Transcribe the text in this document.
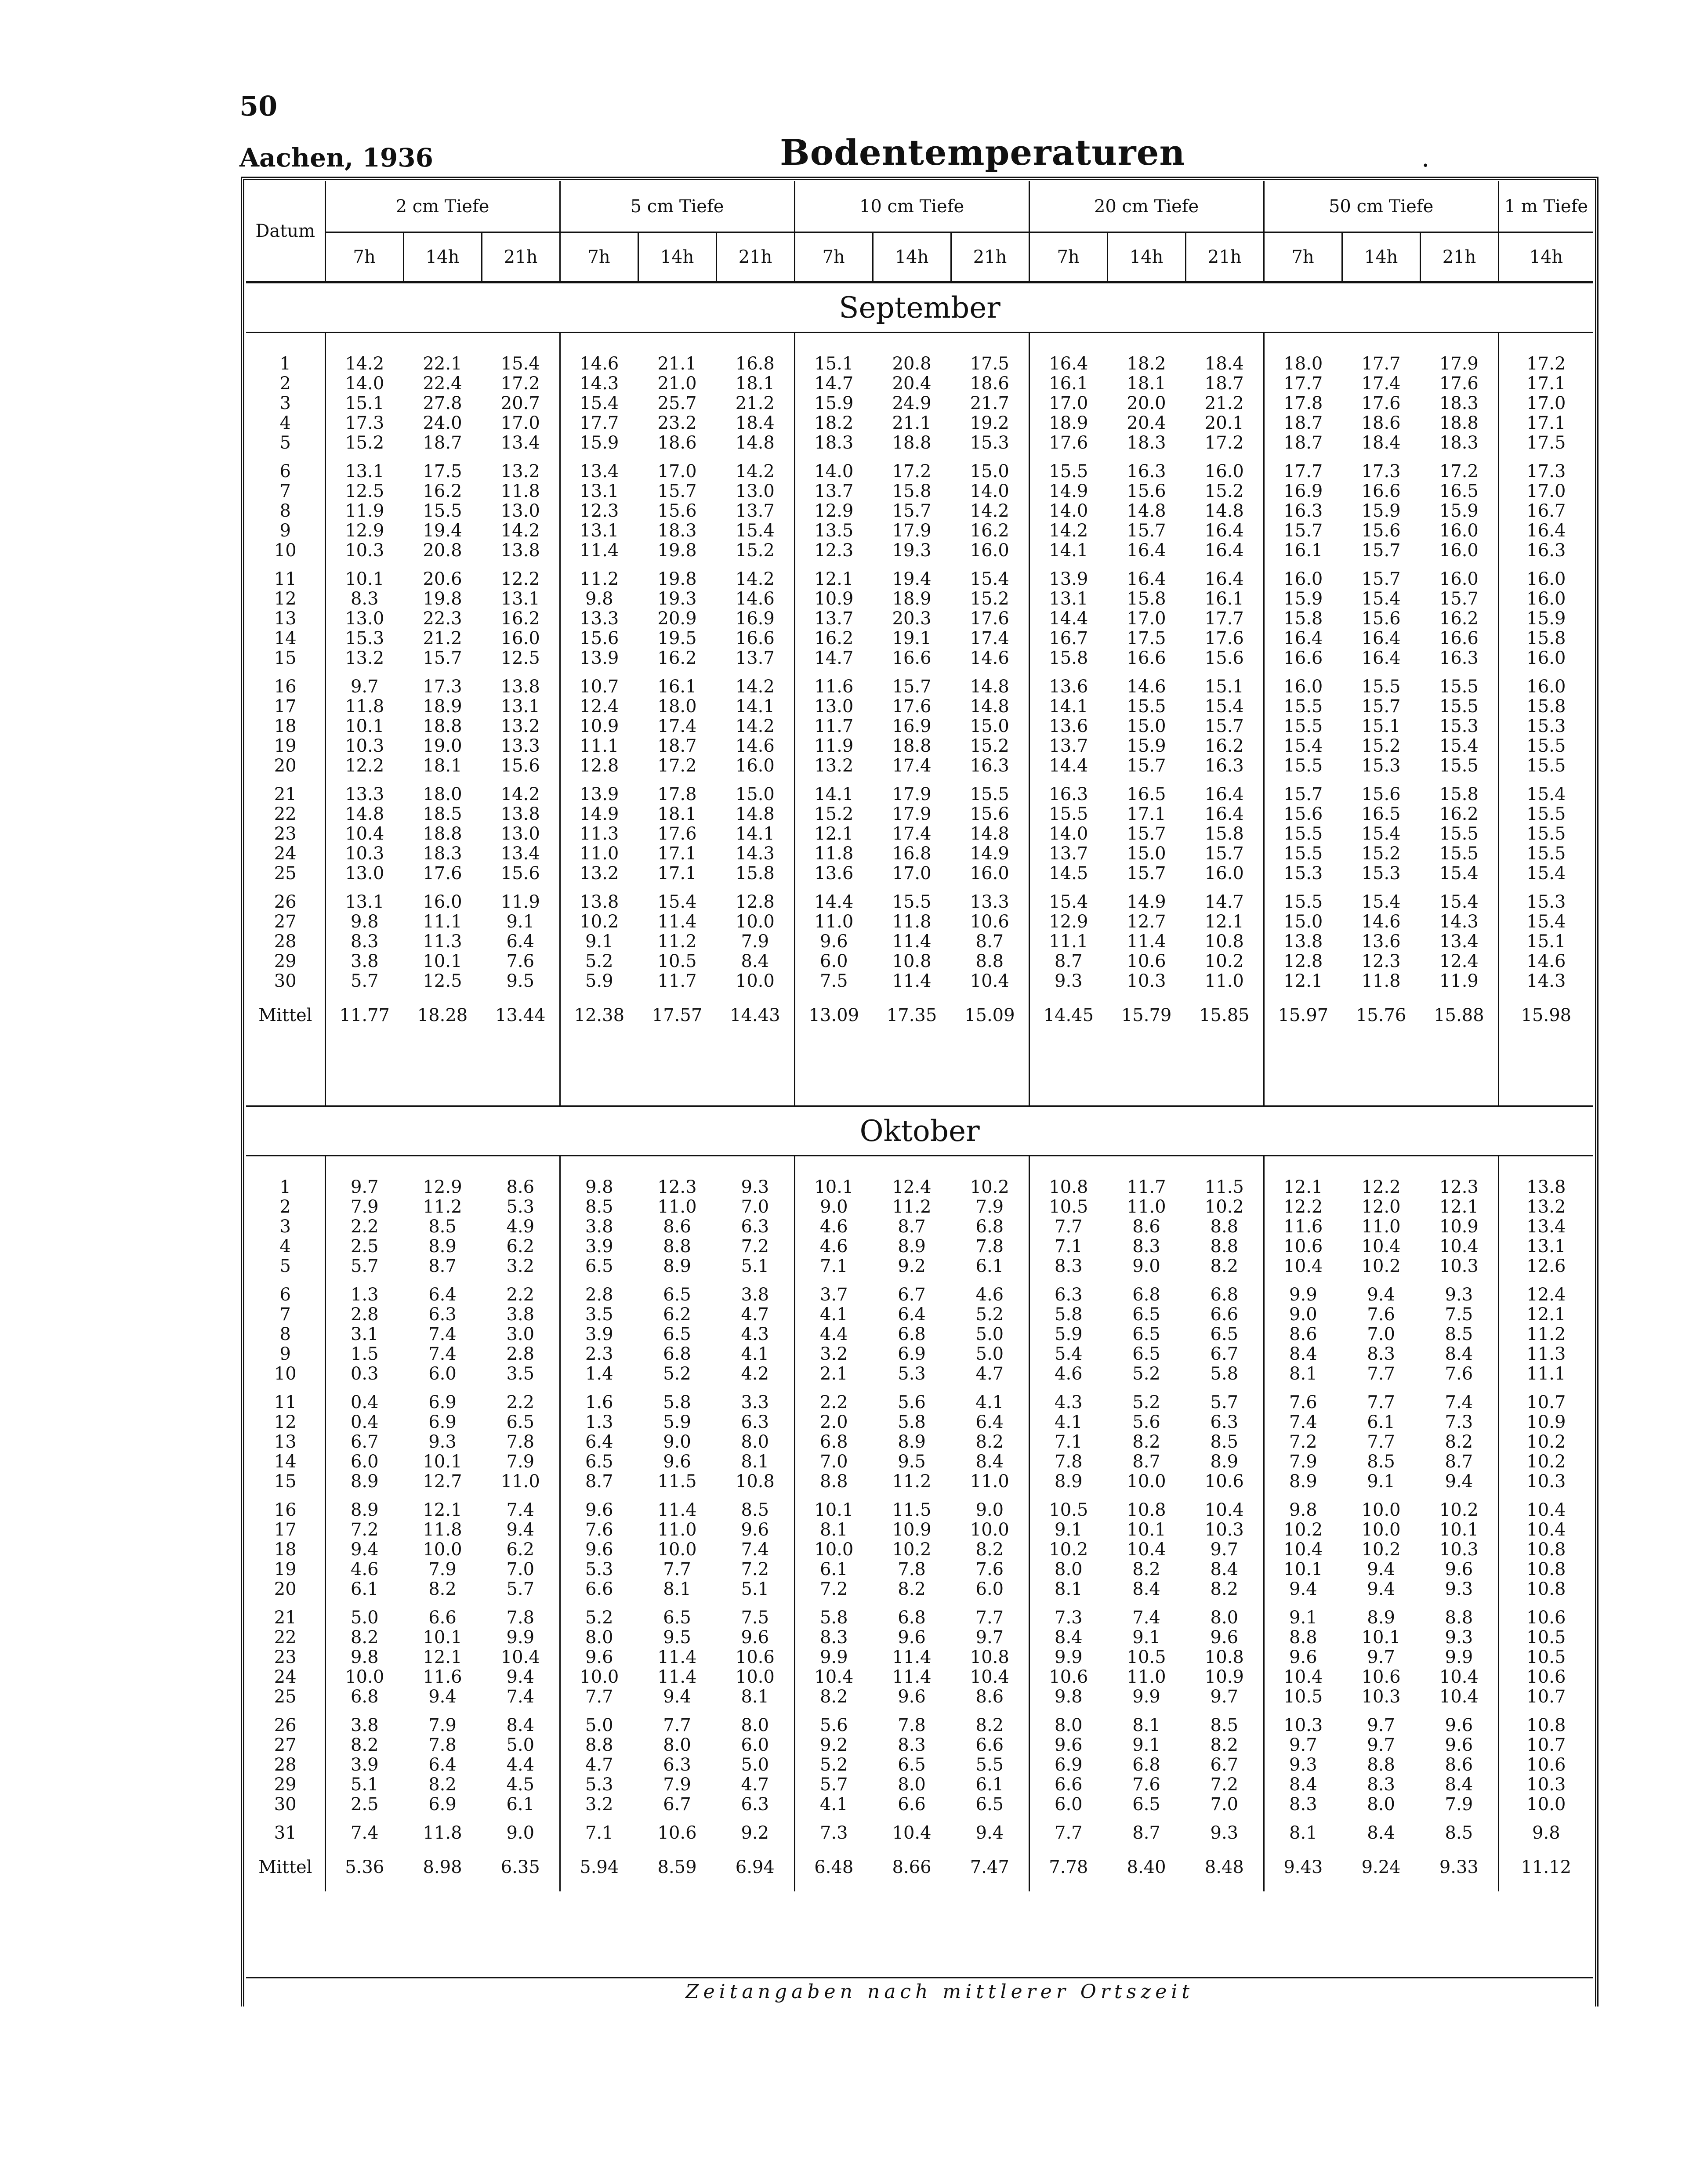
50
Aachen, 1936	Bodentemperaturen	.
Datum	2 cm Tiefe			5 cm Tiefe			10 cm Tiefe			20 cm Tiefe			50 cm Tiefe			1 m Tiefe
	7h	14h	21h	7h	14h	21h	7h	14h	21h	7h	14h	21h	7h	14h	21h	14h
September																

1	14.2	22.1	15.4	14.6	21.1	16.8	15.1	20.8	17.5	16.4	18.2	18.4	18.0	17.7	17.9	17.2
2	14.0	22.4	17.2	14.3	21.0	18.1	14.7	20.4	18.6	16.1	18.1	18.7	17.7	17.4	17.6	17.1
3	15.1	27.8	20.7	15.4	25.7	21.2	15.9	24.9	21.7	17.0	20.0	21.2	17.8	17.6	18.3	17.0
4	17.3	24.0	17.0	17.7	23.2	18.4	18.2	21.1	19.2	18.9	20.4	20.1	18.7	18.6	18.8	17.1
5	15.2	18.7	13.4	15.9	18.6	14.8	18.3	18.8	15.3	17.6	18.3	17.2	18.7	18.4	18.3	17.5

6	13.1	17.5	13.2	13.4	17.0	14.2	14.0	17.2	15.0	15.5	16.3	16.0	17.7	17.3	17.2	17.3
7	12.5	16.2	11.8	13.1	15.7	13.0	13.7	15.8	14.0	14.9	15.6	15.2	16.9	16.6	16.5	17.0
8	11.9	15.5	13.0	12.3	15.6	13.7	12.9	15.7	14.2	14.0	14.8	14.8	16.3	15.9	15.9	16.7
9	12.9	19.4	14.2	13.1	18.3	15.4	13.5	17.9	16.2	14.2	15.7	16.4	15.7	15.6	16.0	16.4
10	10.3	20.8	13.8	11.4	19.8	15.2	12.3	19.3	16.0	14.1	16.4	16.4	16.1	15.7	16.0	16.3

11	10.1	20.6	12.2	11.2	19.8	14.2	12.1	19.4	15.4	13.9	16.4	16.4	16.0	15.7	16.0	16.0
12	8.3	19.8	13.1	9.8	19.3	14.6	10.9	18.9	15.2	13.1	15.8	16.1	15.9	15.4	15.7	16.0
13	13.0	22.3	16.2	13.3	20.9	16.9	13.7	20.3	17.6	14.4	17.0	17.7	15.8	15.6	16.2	15.9
14	15.3	21.2	16.0	15.6	19.5	16.6	16.2	19.1	17.4	16.7	17.5	17.6	16.4	16.4	16.6	15.8
15	13.2	15.7	12.5	13.9	16.2	13.7	14.7	16.6	14.6	15.8	16.6	15.6	16.6	16.4	16.3	16.0

16	9.7	17.3	13.8	10.7	16.1	14.2	11.6	15.7	14.8	13.6	14.6	15.1	16.0	15.5	15.5	16.0
17	11.8	18.9	13.1	12.4	18.0	14.1	13.0	17.6	14.8	14.1	15.5	15.4	15.5	15.7	15.5	15.8
18	10.1	18.8	13.2	10.9	17.4	14.2	11.7	16.9	15.0	13.6	15.0	15.7	15.5	15.1	15.3	15.3
19	10.3	19.0	13.3	11.1	18.7	14.6	11.9	18.8	15.2	13.7	15.9	16.2	15.4	15.2	15.4	15.5
20	12.2	18.1	15.6	12.8	17.2	16.0	13.2	17.4	16.3	14.4	15.7	16.3	15.5	15.3	15.5	15.5

21	13.3	18.0	14.2	13.9	17.8	15.0	14.1	17.9	15.5	16.3	16.5	16.4	15.7	15.6	15.8	15.4
22	14.8	18.5	13.8	14.9	18.1	14.8	15.2	17.9	15.6	15.5	17.1	16.4	15.6	16.5	16.2	15.5
23	10.4	18.8	13.0	11.3	17.6	14.1	12.1	17.4	14.8	14.0	15.7	15.8	15.5	15.4	15.5	15.5
24	10.3	18.3	13.4	11.0	17.1	14.3	11.8	16.8	14.9	13.7	15.0	15.7	15.5	15.2	15.5	15.5
25	13.0	17.6	15.6	13.2	17.1	15.8	13.6	17.0	16.0	14.5	15.7	16.0	15.3	15.3	15.4	15.4

26	13.1	16.0	11.9	13.8	15.4	12.8	14.4	15.5	13.3	15.4	14.9	14.7	15.5	15.4	15.4	15.3
27	9.8	11.1	9.1	10.2	11.4	10.0	11.0	11.8	10.6	12.9	12.7	12.1	15.0	14.6	14.3	15.4
28	8.3	11.3	6.4	9.1	11.2	7.9	9.6	11.4	8.7	11.1	11.4	10.8	13.8	13.6	13.4	15.1
29	3.8	10.1	7.6	5.2	10.5	8.4	6.0	10.8	8.8	8.7	10.6	10.2	12.8	12.3	12.4	14.6
30	5.7	12.5	9.5	5.9	11.7	10.0	7.5	11.4	10.4	9.3	10.3	11.0	12.1	11.8	11.9	14.3
Mittel	11.77	18.28	13.44	12.38	17.57	14.43	13.09	17.35	15.09	14.45	15.79	15.85	15.97	15.76	15.88	15.98

Oktober																

1	9.7	12.9	8.6	9.8	12.3	9.3	10.1	12.4	10.2	10.8	11.7	11.5	12.1	12.2	12.3	13.8
2	7.9	11.2	5.3	8.5	11.0	7.0	9.0	11.2	7.9	10.5	11.0	10.2	12.2	12.0	12.1	13.2
3	2.2	8.5	4.9	3.8	8.6	6.3	4.6	8.7	6.8	7.7	8.6	8.8	11.6	11.0	10.9	13.4
4	2.5	8.9	6.2	3.9	8.8	7.2	4.6	8.9	7.8	7.1	8.3	8.8	10.6	10.4	10.4	13.1
5	5.7	8.7	3.2	6.5	8.9	5.1	7.1	9.2	6.1	8.3	9.0	8.2	10.4	10.2	10.3	12.6

6	1.3	6.4	2.2	2.8	6.5	3.8	3.7	6.7	4.6	6.3	6.8	6.8	9.9	9.4	9.3	12.4
7	2.8	6.3	3.8	3.5	6.2	4.7	4.1	6.4	5.2	5.8	6.5	6.6	9.0	7.6	7.5	12.1
8	3.1	7.4	3.0	3.9	6.5	4.3	4.4	6.8	5.0	5.9	6.5	6.5	8.6	7.0	8.5	11.2
9	1.5	7.4	2.8	2.3	6.8	4.1	3.2	6.9	5.0	5.4	6.5	6.7	8.4	8.3	8.4	11.3
10	0.3	6.0	3.5	1.4	5.2	4.2	2.1	5.3	4.7	4.6	5.2	5.8	8.1	7.7	7.6	11.1

11	0.4	6.9	2.2	1.6	5.8	3.3	2.2	5.6	4.1	4.3	5.2	5.7	7.6	7.7	7.4	10.7
12	0.4	6.9	6.5	1.3	5.9	6.3	2.0	5.8	6.4	4.1	5.6	6.3	7.4	6.1	7.3	10.9
13	6.7	9.3	7.8	6.4	9.0	8.0	6.8	8.9	8.2	7.1	8.2	8.5	7.2	7.7	8.2	10.2
14	6.0	10.1	7.9	6.5	9.6	8.1	7.0	9.5	8.4	7.8	8.7	8.9	7.9	8.5	8.7	10.2
15	8.9	12.7	11.0	8.7	11.5	10.8	8.8	11.2	11.0	8.9	10.0	10.6	8.9	9.1	9.4	10.3

16	8.9	12.1	7.4	9.6	11.4	8.5	10.1	11.5	9.0	10.5	10.8	10.4	9.8	10.0	10.2	10.4
17	7.2	11.8	9.4	7.6	11.0	9.6	8.1	10.9	10.0	9.1	10.1	10.3	10.2	10.0	10.1	10.4
18	9.4	10.0	6.2	9.6	10.0	7.4	10.0	10.2	8.2	10.2	10.4	9.7	10.4	10.2	10.3	10.8
19	4.6	7.9	7.0	5.3	7.7	7.2	6.1	7.8	7.6	8.0	8.2	8.4	10.1	9.4	9.6	10.8
20	6.1	8.2	5.7	6.6	8.1	5.1	7.2	8.2	6.0	8.1	8.4	8.2	9.4	9.4	9.3	10.8

21	5.0	6.6	7.8	5.2	6.5	7.5	5.8	6.8	7.7	7.3	7.4	8.0	9.1	8.9	8.8	10.6
22	8.2	10.1	9.9	8.0	9.5	9.6	8.3	9.6	9.7	8.4	9.1	9.6	8.8	10.1	9.3	10.5
23	9.8	12.1	10.4	9.6	11.4	10.6	9.9	11.4	10.8	9.9	10.5	10.8	9.6	9.7	9.9	10.5
24	10.0	11.6	9.4	10.0	11.4	10.0	10.4	11.4	10.4	10.6	11.0	10.9	10.4	10.6	10.4	10.6
25	6.8	9.4	7.4	7.7	9.4	8.1	8.2	9.6	8.6	9.8	9.9	9.7	10.5	10.3	10.4	10.7

26	3.8	7.9	8.4	5.0	7.7	8.0	5.6	7.8	8.2	8.0	8.1	8.5	10.3	9.7	9.6	10.8
27	8.2	7.8	5.0	8.8	8.0	6.0	9.2	8.3	6.6	9.6	9.1	8.2	9.7	9.7	9.6	10.7
28	3.9	6.4	4.4	4.7	6.3	5.0	5.2	6.5	5.5	6.9	6.8	6.7	9.3	8.8	8.6	10.6
29	5.1	8.2	4.5	5.3	7.9	4.7	5.7	8.0	6.1	6.6	7.6	7.2	8.4	8.3	8.4	10.3
30	2.5	6.9	6.1	3.2	6.7	6.3	4.1	6.6	6.5	6.0	6.5	7.0	8.3	8.0	7.9	10.0

31	7.4	11.8	9.0	7.1	10.6	9.2	7.3	10.4	9.4	7.7	8.7	9.3	8.1	8.4	8.5	9.8
Mittel	5.36	8.98	6.35	5.94	8.59	6.94	6.48	8.66	7.47	7.78	8.40	8.48	9.43	9.24	9.33	11.12
Zeitangaben nach mittlerer Ortszeit
